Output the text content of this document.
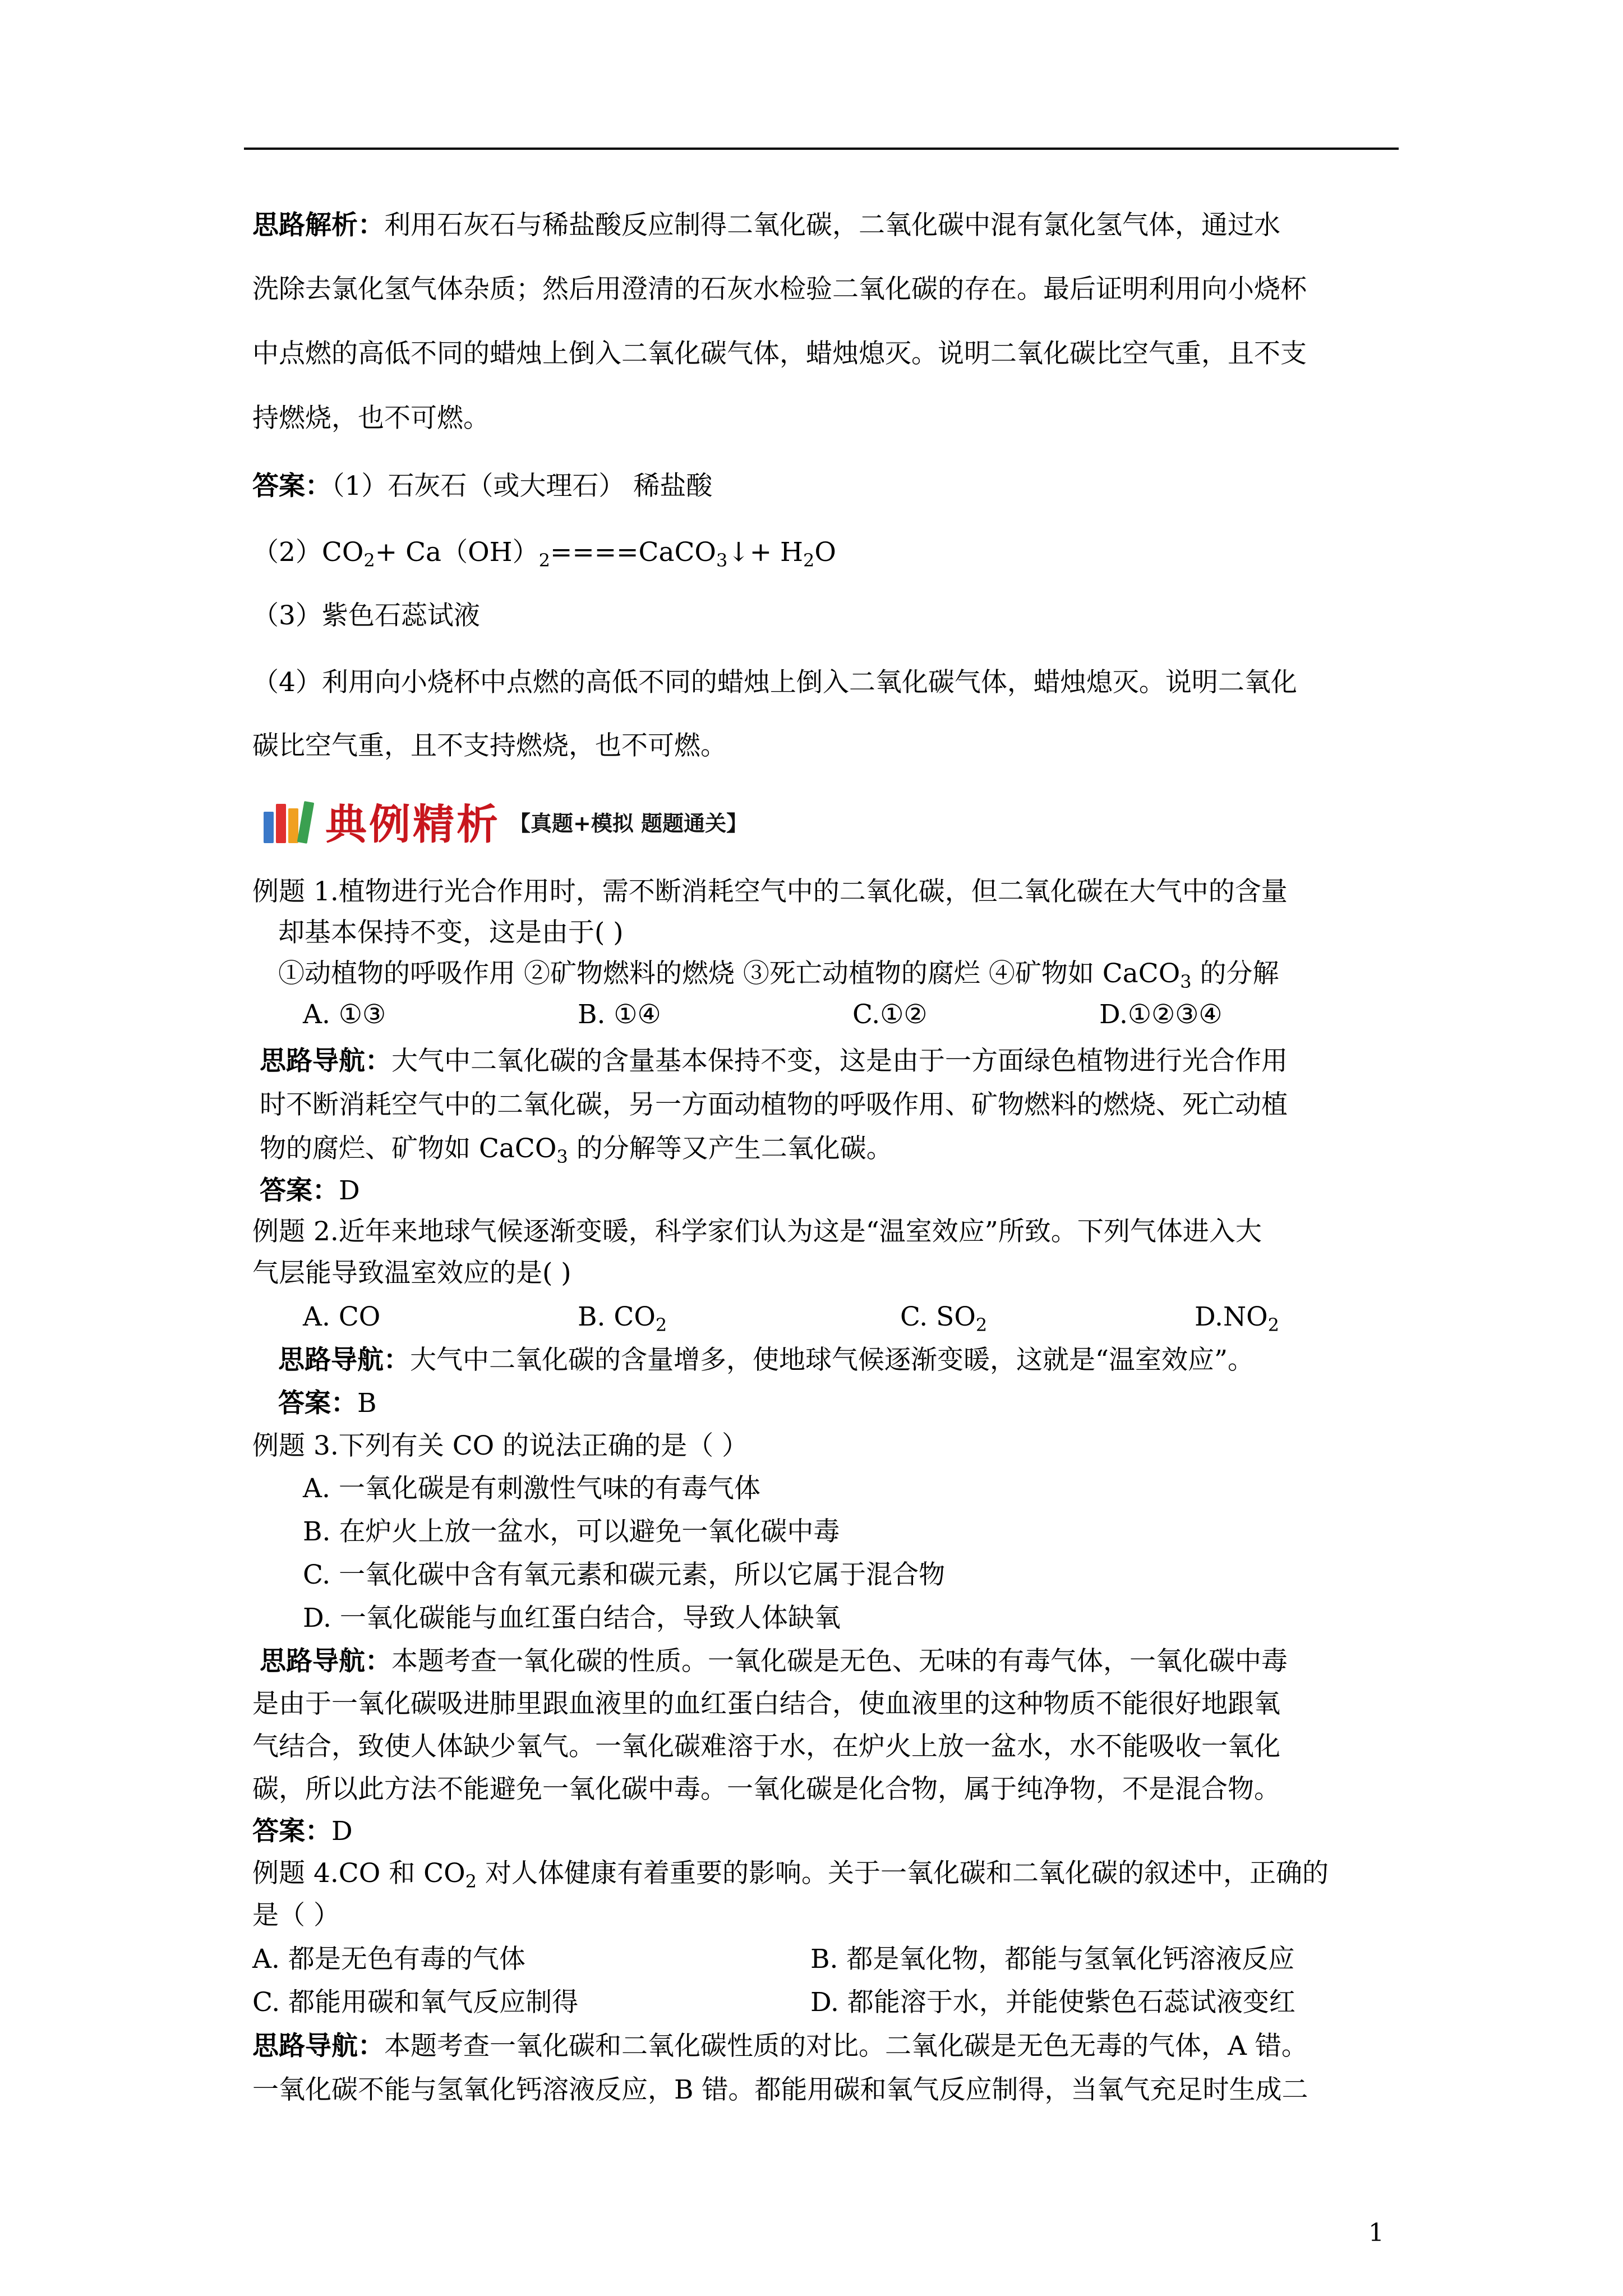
思路解析：利用石灰石与稀盐酸反应制得二氧化碳，二氧化碳中混有氯化氢气体，通过水
洗除去氯化氢气体杂质；然后用澄清的石灰水检验二氧化碳的存在。最后证明利用向小烧杯
中点燃的高低不同的蜡烛上倒入二氧化碳气体，蜡烛熄灭。说明二氧化碳比空气重，且不支
持燃烧，也不可燃。
答案：（1）石灰石（或大理石） 稀盐酸
$(2)CO_2+$ $Ca(OH)_2====CaCO_3↓+ H_2O$
（3）紫色石蕊试液
（4）利用向小烧杯中点燃的高低不同的蜡烛上倒入二氧化碳气体，蜡烛熄灭。说明二氧化
碳比空气重，且不支持燃烧，也不可燃。
典例精析 【真题+模拟 题题通关】
例题 1.植物进行光合作用时，需不断消耗空气中的二氧化碳，但二氧化碳在大气中的含量
却基本保持不变，这是由于( )
①动植物的呼吸作用 ②矿物燃料的燃烧 ③死亡动植物的腐烂 ④矿物如 CaCO$_3$ 的分解
A. ①③	B. ①④	C.①②	D.①②③④
思路导航：大气中二氧化碳的含量基本保持不变，这是由于一方面绿色植物进行光合作用
时不断消耗空气中的二氧化碳，另一方面动植物的呼吸作用、矿物燃料的燃烧、死亡动植
物的腐烂、矿物如 CaCO$_3$ 的分解等又产生二氧化碳。
答案：D
例题 2.近年来地球气候逐渐变暖，科学家们认为这是“温室效应”所致。下列气体进入大
气层能导致温室效应的是( )
A. CO	B. $CO_2$	C. $SO_2$	$D.NO_2$
思路导航：大气中二氧化碳的含量增多，使地球气候逐渐变暖，这就是“温室效应”。
答案：B
例题 3.下列有关 CO 的说法正确的是（ ）
A. 一氧化碳是有刺激性气味的有毒气体
B. 在炉火上放一盆水，可以避免一氧化碳中毒
C. 一氧化碳中含有氧元素和碳元素，所以它属于混合物
D. 一氧化碳能与血红蛋白结合，导致人体缺氧
思路导航：本题考查一氧化碳的性质。一氧化碳是无色、无味的有毒气体，一氧化碳中毒
是由于一氧化碳吸进肺里跟血液里的血红蛋白结合，使血液里的这种物质不能很好地跟氧
气结合，致使人体缺少氧气。一氧化碳难溶于水，在炉火上放一盆水，水不能吸收一氧化
碳，所以此方法不能避免一氧化碳中毒。一氧化碳是化合物，属于纯净物，不是混合物。
答案：D
例题 4.CO 和 $CO_2$ 对人体健康有着重要的影响。关于一氧化碳和二氧化碳的叙述中，正确的
是（ ）
A. 都是无色有毒的气体	B. 都是氧化物，都能与氢氧化钙溶液反应
C. 都能用碳和氧气反应制得	D. 都能溶于水，并能使紫色石蕊试液变红
思路导航：本题考查一氧化碳和二氧化碳性质的对比。二氧化碳是无色无毒的气体，A 错。
一氧化碳不能与氢氧化钙溶液反应，B 错。都能用碳和氧气反应制得，当氧气充足时生成二
1
